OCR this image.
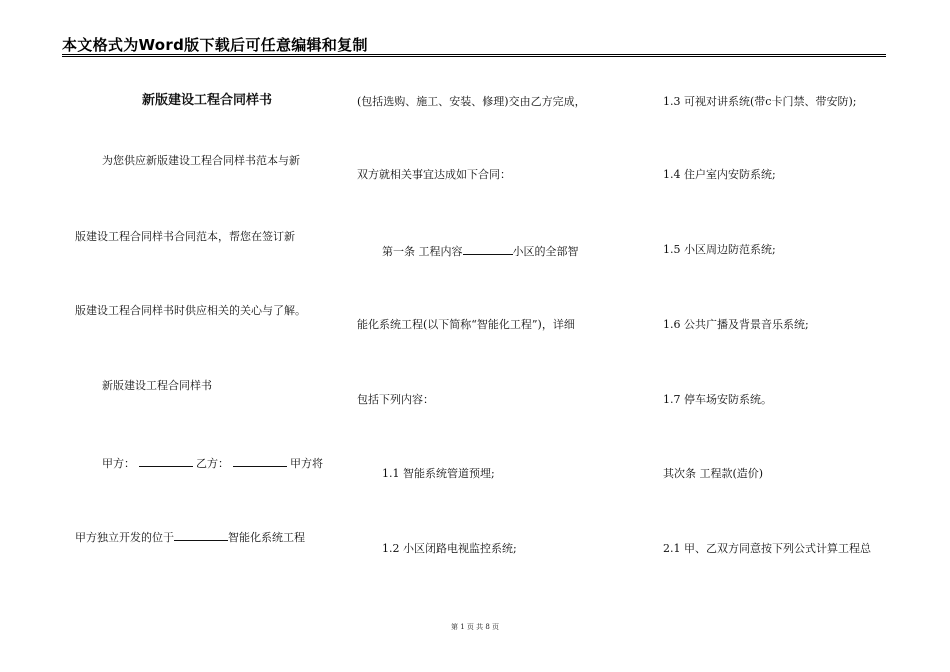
本文格式为Word版下载后可任意编辑和复制
新版建设工程合同样书
为您供应新版建设工程合同样书范本与新
版建设工程合同样书合同范本，帮您在签订新
版建设工程合同样书时供应相关的关心与了解。
新版建设工程合同样书
甲方：	乙方：	甲方将
甲方独立开发的位于	智能化系统工程
(包括选购、施工、安装、修理)交由乙方完成，
双方就相关事宜达成如下合同：
第一条 工程内容	小区的全部智
能化系统工程(以下简称“智能化工程”)，详细
包括下列内容：
1.1 智能系统管道预埋;
1.2 小区闭路电视监控系统;
1.3 可视对讲系统(带c卡门禁、带安防);
1.4 住户室内安防系统;
1.5 小区周边防范系统;
1.6 公共广播及背景音乐系统;
1.7 停车场安防系统。
其次条 工程款(造价)
2.1 甲、乙双方同意按下列公式计算工程总
第 1 页 共 8 页
